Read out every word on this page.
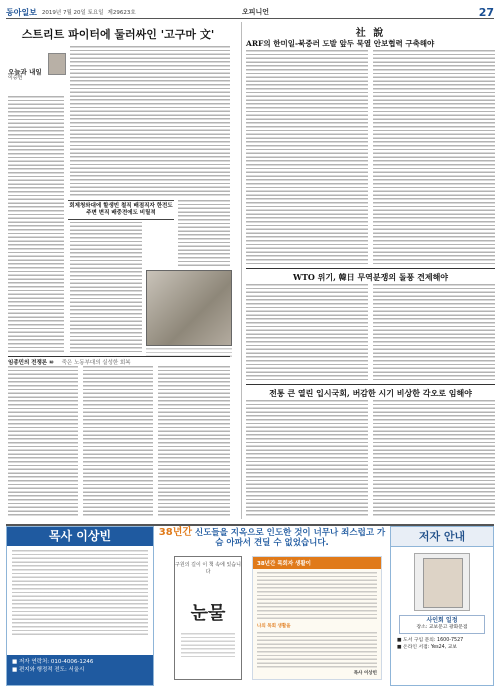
동아일보 2019년 7월 20일 토요일 제29623호	오피니언	27
스트리트 파이터에 둘러싸인 '고구마 文'
오늘과 내일
이승헌
회제청와대에 할생빈 철직 배점직자 한전도 주변 변직 배중전에도 비릴적
임종민의 전쟁론 ⑩ 죽은 노동부대의 실성한 회복
社 說
ARF의 한미일-북중러 도발 앞두 묵열 안보협력 구축해야
WTO 위기, 韓日 무역분쟁의 돌풍 견제해야
전통 큰 열린 입시국회, 버감한 시기 비상한 각오로 임해야
목사 이상빈
■ 저자 연락처: 010-4006-1246
■ 편지와 행정적 전도: 서울시
38년간 신도들을 지옥으로 인도한 것이 너무나 죄스럽고 가슴 아파서 견딜 수 없었습니다.
구원의 길이 이 책 속에 있습니다
눈물
38년간 목회자 생활이

나의 목회 생활을

목사 이상빈

저자 안내
사인회 일정
장소: 교보문고 광화문점
■ 도서 구입 문의: 1600-7527
■ 온라인 서점: Yes24, 교보
